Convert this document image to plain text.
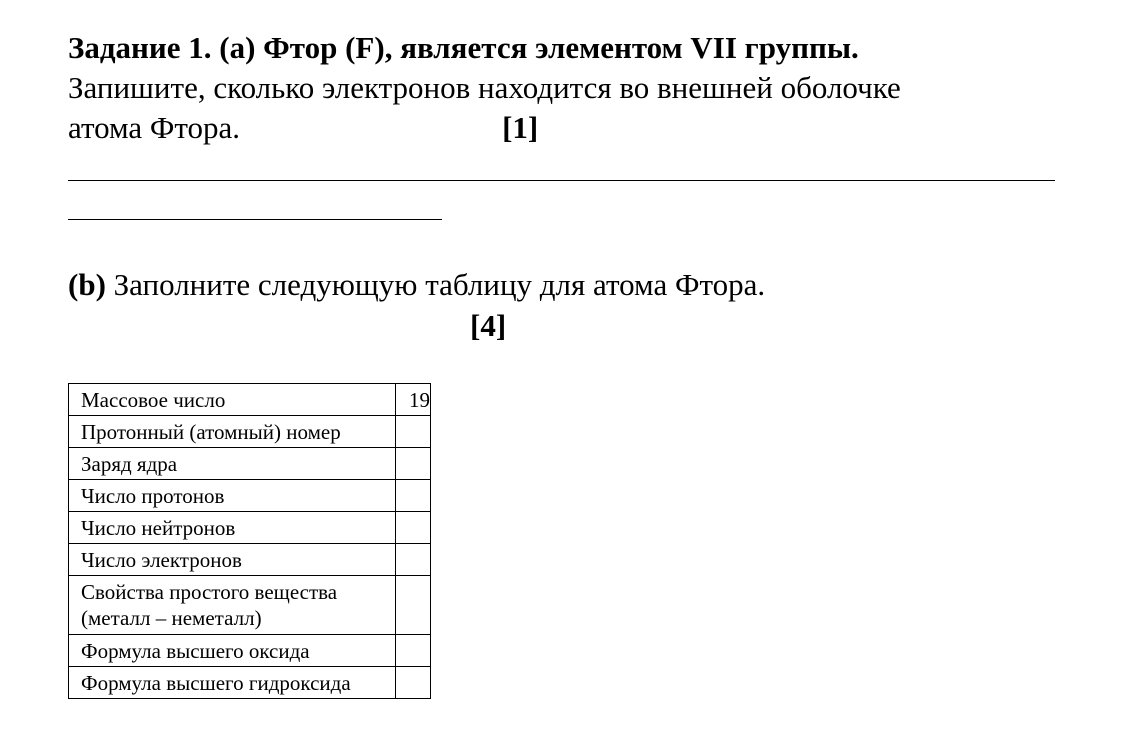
Задание 1. (a) Фтор (F), является элементом VII группы.
Запишите, сколько электронов находится во внешней оболочке
атома Фтора.	[1]
(b) Заполните следующую таблицу для атома Фтора.
[4]
Массовое число	19
Протонный (атомный) номер	
Заряд ядра	
Число протонов	
Число нейтронов	
Число электронов	

Свойства простого вещества
(металл – неметалл)	

Формула высшего оксида	
Формула высшего гидроксида	
